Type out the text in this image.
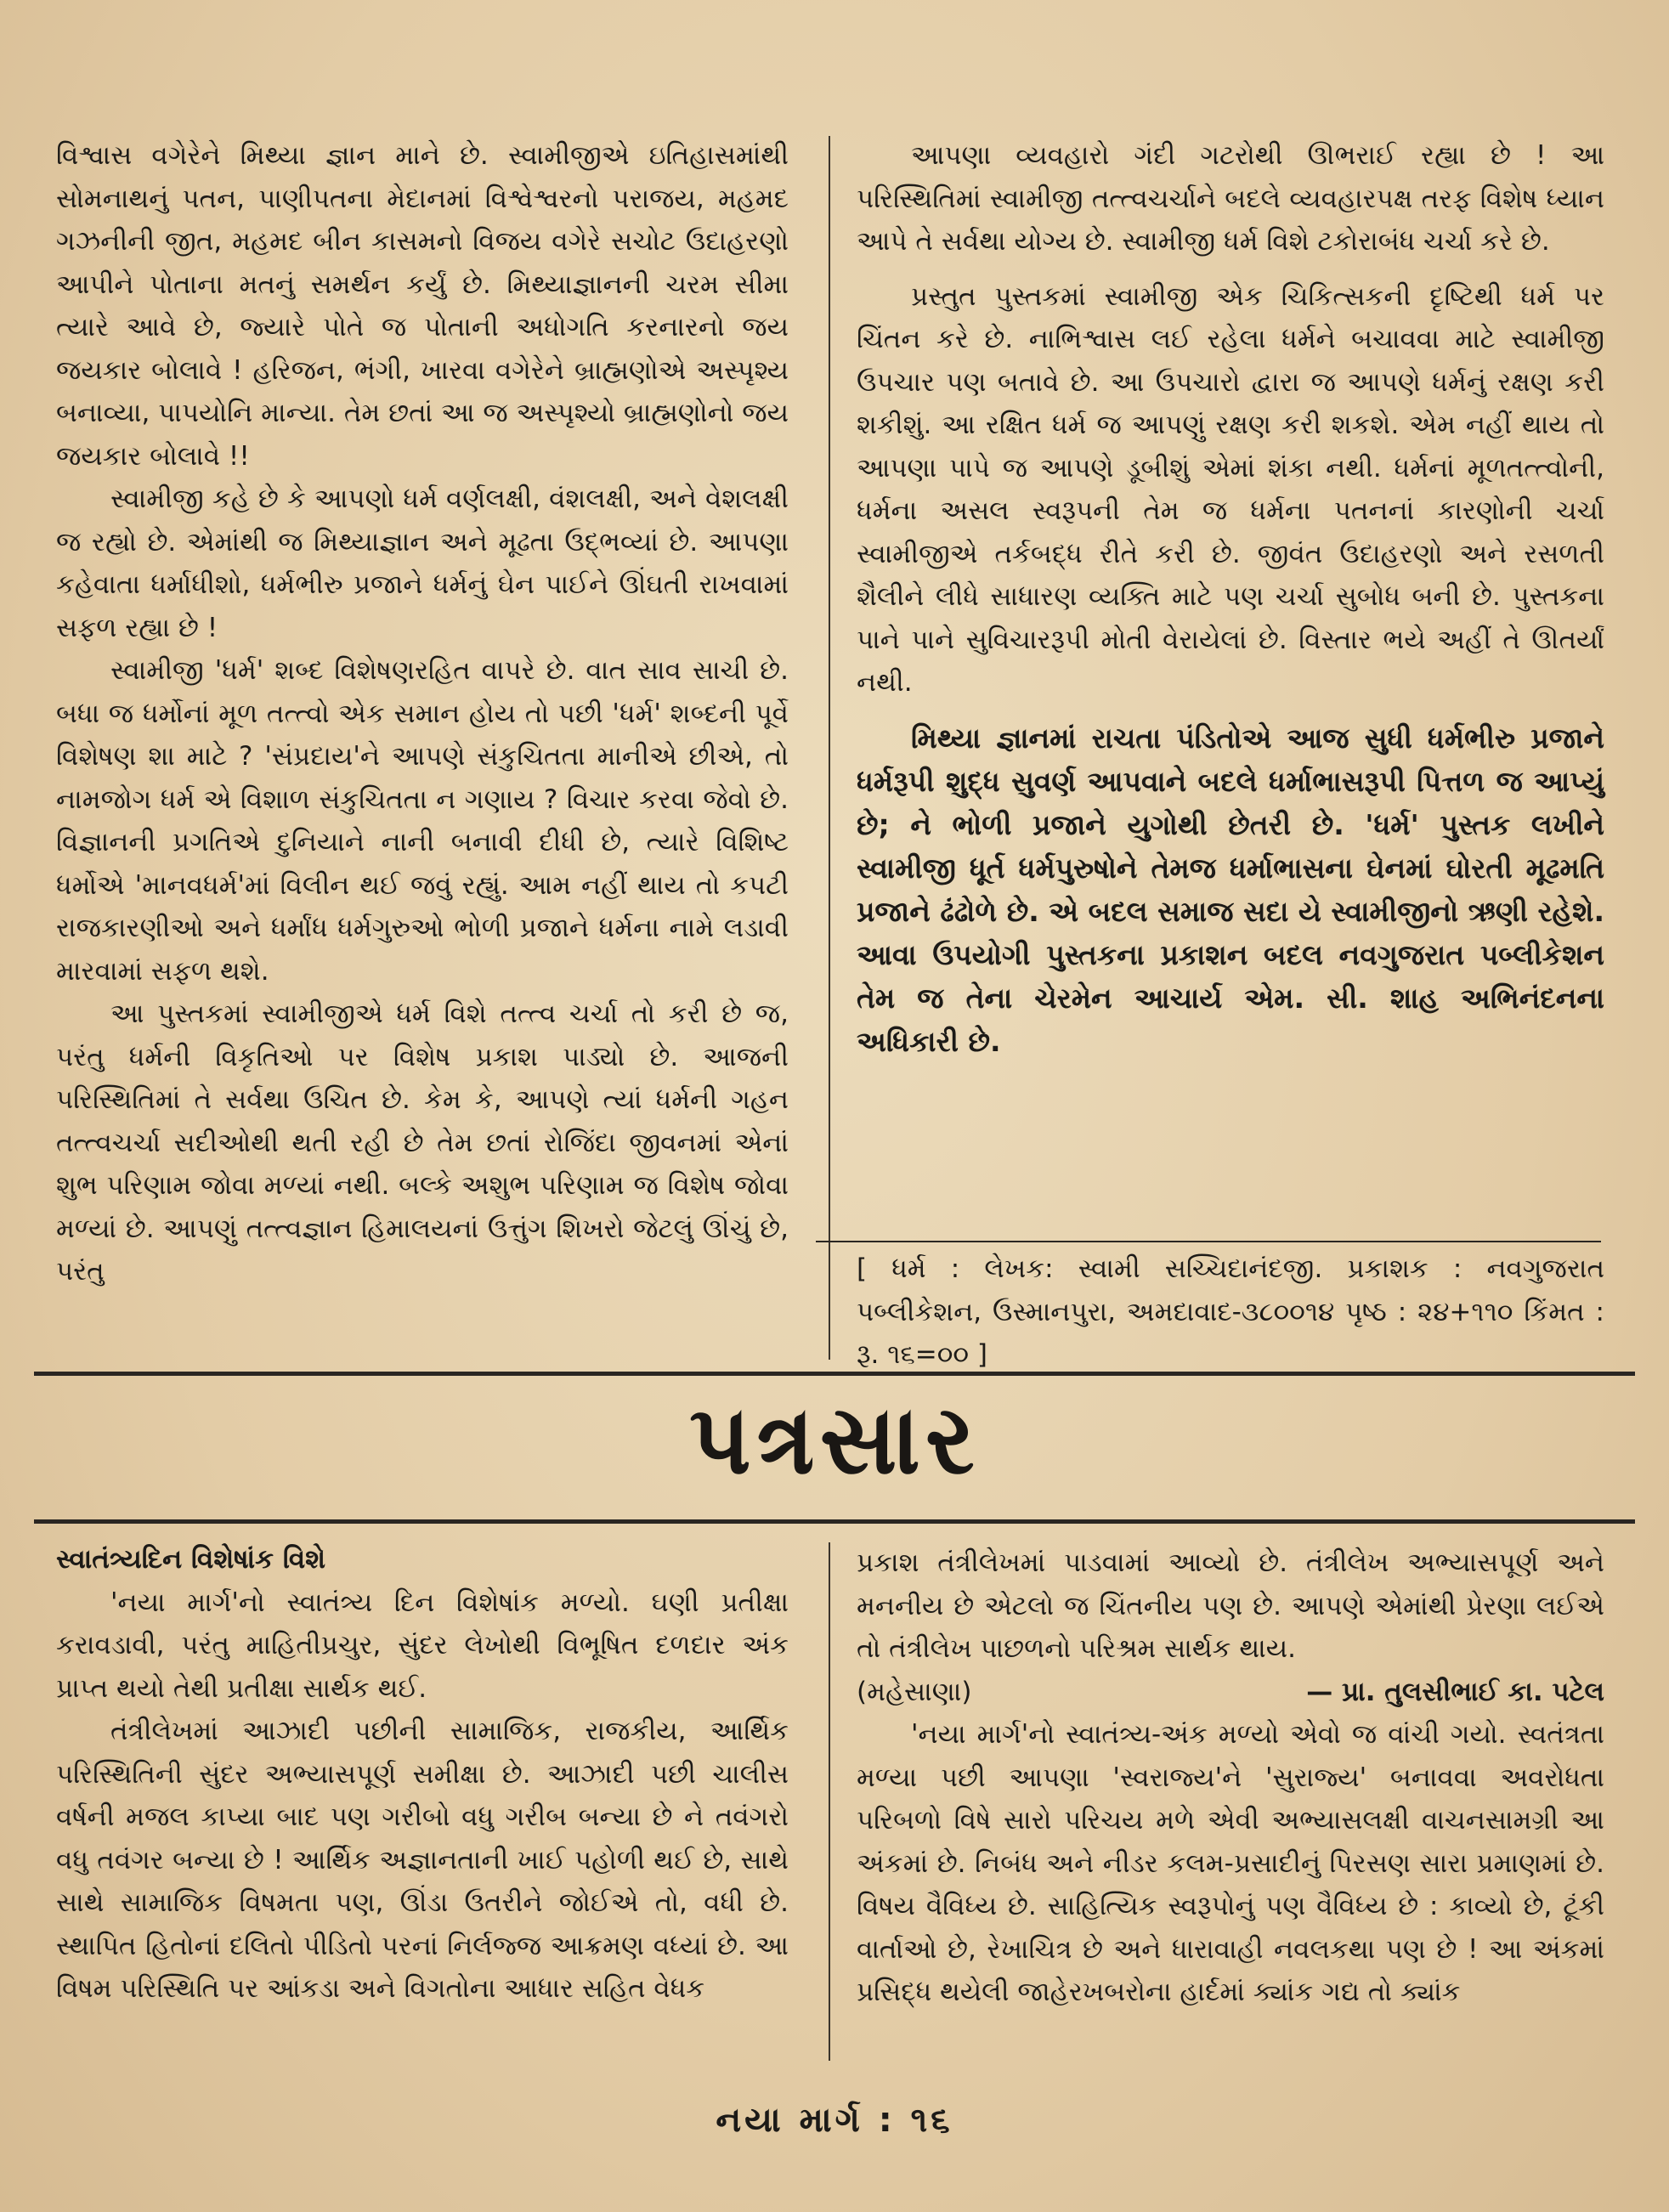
વિશ્વાસ વગેરેને મિથ્યા જ્ઞાન માને છે. સ્વામીજીએ ઇતિહાસમાંથી સોમનાથનું પતન, પાણીપતના મેદાનમાં વિશ્વેશ્વરનો પરાજય, મહમદ ગઝનીની જીત, મહમદ બીન કાસમનો વિજય વગેરે સચોટ ઉદાહરણો આપીને પોતાના મતનું સમર્થન કર્યું છે. મિથ્યાજ્ઞાનની ચરમ સીમા ત્યારે આવે છે, જ્યારે પોતે જ પોતાની અધોગતિ કરનારનો જય જયકાર બોલાવે ! હરિજન, ભંગી, ખારવા વગેરેને બ્રાહ્મણોએ અસ્પૃશ્ય બનાવ્યા, પાપયોનિ માન્યા. તેમ છતાં આ જ અસ્પૃશ્યો બ્રાહ્મણોનો જય જયકાર બોલાવે !!

સ્વામીજી કહે છે કે આપણો ધર્મ વર્ણલક્ષી, વંશલક્ષી, અને વેશલક્ષી જ રહ્યો છે. એમાંથી જ મિથ્યાજ્ઞાન અને મૂઢતા ઉદ્ભવ્યાં છે. આપણા કહેવાતા ધર્માધીશો, ધર્મભીરુ પ્રજાને ધર્મનું ઘેન પાઈને ઊંઘતી રાખવામાં સફળ રહ્યા છે !

સ્વામીજી 'ધર્મ' શબ્દ વિશેષણરહિત વાપરે છે. વાત સાવ સાચી છે. બધા જ ધર્મોનાં મૂળ તત્ત્વો એક સમાન હોય તો પછી 'ધર્મ' શબ્દની પૂર્વે વિશેષણ શા માટે ? 'સંપ્રદાય'ને આપણે સંકુચિતતા માનીએ છીએ, તો નામજોગ ધર્મ એ વિશાળ સંકુચિતતા ન ગણાય ? વિચાર કરવા જેવો છે. વિજ્ઞાનની પ્રગતિએ દુનિયાને નાની બનાવી દીધી છે, ત્યારે વિશિષ્ટ ધર્મોએ 'માનવધર્મ'માં વિલીન થઈ જવું રહ્યું. આમ નહીં થાય તો કપટી રાજકારણીઓ અને ધર્માંધ ધર્મગુરુઓ ભોળી પ્રજાને ધર્મના નામે લડાવી મારવામાં સફળ થશે.

આ પુસ્તકમાં સ્વામીજીએ ધર્મ વિશે તત્ત્વ ચર્ચા તો કરી છે જ, પરંતુ ધર્મની વિકૃતિઓ પર વિશેષ પ્રકાશ પાડ્યો છે. આજની પરિસ્થિતિમાં તે સર્વથા ઉચિત છે. કેમ કે, આપણે ત્યાં ધર્મની ગહન તત્ત્વચર્ચા સદીઓથી થતી રહી છે તેમ છતાં રોજિંદા જીવનમાં એનાં શુભ પરિણામ જોવા મળ્યાં નથી. બલ્કે અશુભ પરિણામ જ વિશેષ જોવા મળ્યાં છે. આપણું તત્ત્વજ્ઞાન હિમાલયનાં ઉત્તુંગ શિખરો જેટલું ઊંચું છે, પરંતુ

આપણા વ્યવહારો ગંદી ગટરોથી ઊભરાઈ રહ્યા છે ! આ પરિસ્થિતિમાં સ્વામીજી તત્ત્વચર્ચાને બદલે વ્યવહારપક્ષ તરફ વિશેષ ધ્યાન આપે તે સર્વથા યોગ્ય છે. સ્વામીજી ધર્મ વિશે ટકોરાબંધ ચર્ચા કરે છે.

પ્રસ્તુત પુસ્તકમાં સ્વામીજી એક ચિકિત્સકની દૃષ્ટિથી ધર્મ પર ચિંતન કરે છે. નાભિશ્વાસ લઈ રહેલા ધર્મને બચાવવા માટે સ્વામીજી ઉપચાર પણ બતાવે છે. આ ઉપચારો દ્વારા જ આપણે ધર્મનું રક્ષણ કરી શકીશું. આ રક્ષિત ધર્મ જ આપણું રક્ષણ કરી શકશે. એમ નહીં થાય તો આપણા પાપે જ આપણે ડૂબીશું એમાં શંકા નથી. ધર્મનાં મૂળતત્ત્વોની, ધર્મના અસલ સ્વરૂપની તેમ જ ધર્મના પતનનાં કારણોની ચર્ચા સ્વામીજીએ તર્કબદ્ધ રીતે કરી છે. જીવંત ઉદાહરણો અને રસળતી શૈલીને લીધે સાધારણ વ્યક્તિ માટે પણ ચર્ચા સુબોધ બની છે. પુસ્તકના પાને પાને સુવિચારરૂપી મોતી વેરાયેલાં છે. વિસ્તાર ભયે અહીં તે ઊતર્યાં નથી.

મિથ્યા જ્ઞાનમાં રાચતા પંડિતોએ આજ સુધી ધર્મભીરુ પ્રજાને ધર્મરૂપી શુદ્ધ સુવર્ણ આપવાને બદલે ધર્માભાસરૂપી પિત્તળ જ આપ્યું છે; ને ભોળી પ્રજાને યુગોથી છેતરી છે. 'ધર્મ' પુસ્તક લખીને સ્વામીજી ધૂર્ત ધર્મપુરુષોને તેમજ ધર્માભાસના ઘેનમાં ઘોરતી મૂઢમતિ પ્રજાને ઢંઢોળે છે. એ બદલ સમાજ સદા યે સ્વામીજીનો ઋણી રહેશે. આવા ઉપયોગી પુસ્તકના પ્રકાશન બદલ નવગુજરાત પબ્લીકેશન તેમ જ તેના ચેરમેન આચાર્ય એમ. સી. શાહ અભિનંદનના અધિકારી છે.

[ ધર્મ : લેખક: સ્વામી સચ્ચિદાનંદજી. પ્રકાશક : નવગુજરાત પબ્લીકેશન, ઉસ્માનપુરા, અમદાવાદ-૩૮૦૦૧૪ પૃષ્ઠ : ૨૪+૧૧૦ કિંમત : રૂ. ૧૬=૦૦ ]

પત્રસાર

સ્વાતંત્ર્યદિન વિશેષાંક વિશે

'નયા માર્ગ'નો સ્વાતંત્ર્ય દિન વિશેષાંક મળ્યો. ઘણી પ્રતીક્ષા કરાવડાવી, પરંતુ માહિતીપ્રચુર, સુંદર લેખોથી વિભૂષિત દળદાર અંક પ્રાપ્ત થયો તેથી પ્રતીક્ષા સાર્થક થઈ.

તંત્રીલેખમાં આઝાદી પછીની સામાજિક, રાજકીય, આર્થિક પરિસ્થિતિની સુંદર અભ્યાસપૂર્ણ સમીક્ષા છે. આઝાદી પછી ચાલીસ વર્ષની મજલ કાપ્યા બાદ પણ ગરીબો વધુ ગરીબ બન્યા છે ને તવંગરો વધુ તવંગર બન્યા છે ! આર્થિક અજ્ઞાનતાની ખાઈ પહોળી થઈ છે, સાથે સાથે સામાજિક વિષમતા પણ, ઊંડા ઉતરીને જોઈએ તો, વધી છે. સ્થાપિત હિતોનાં દલિતો પીડિતો પરનાં નિર્લજ્જ આક્રમણ વધ્યાં છે. આ વિષમ પરિસ્થિતિ પર આંકડા અને વિગતોના આધાર સહિત વેધક

પ્રકાશ તંત્રીલેખમાં પાડવામાં આવ્યો છે. તંત્રીલેખ અભ્યાસપૂર્ણ અને મનનીય છે એટલો જ ચિંતનીય પણ છે. આપણે એમાંથી પ્રેરણા લઈએ તો તંત્રીલેખ પાછળનો પરિશ્રમ સાર્થક થાય.

(મહેસાણા)	— પ્રા. તુલસીભાઈ કા. પટેલ

'નયા માર્ગ'નો સ્વાતંત્ર્ય-અંક મળ્યો એવો જ વાંચી ગયો. સ્વતંત્રતા મળ્યા પછી આપણા 'સ્વરાજ્ય'ને 'સુરાજ્ય' બનાવવા અવરોધતા પરિબળો વિષે સારો પરિચય મળે એવી અભ્યાસલક્ષી વાચનસામગ્રી આ અંકમાં છે. નિબંધ અને નીડર કલમ-પ્રસાદીનું પિરસણ સારા પ્રમાણમાં છે. વિષય વૈવિધ્ય છે. સાહિત્યિક સ્વરૂપોનું પણ વૈવિધ્ય છે : કાવ્યો છે, ટૂંકી વાર્તાઓ છે, રેખાચિત્ર છે અને ધારાવાહી નવલકથા પણ છે ! આ અંકમાં પ્રસિદ્ધ થયેલી જાહેરખબરોના હાર્દમાં ક્યાંક ગદ્ય તો ક્યાંક

નયા માર્ગ : ૧૬
